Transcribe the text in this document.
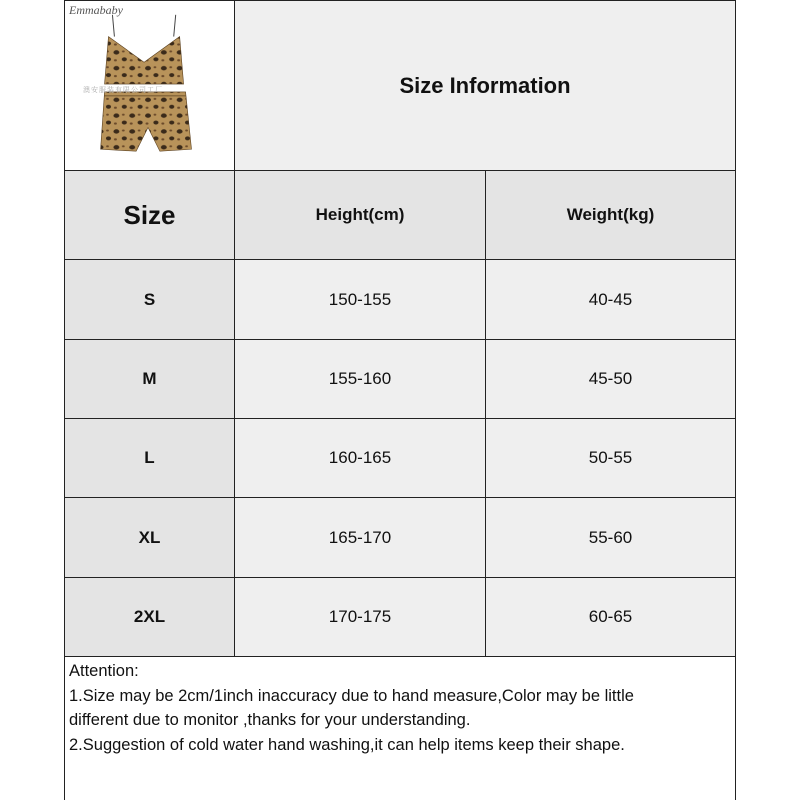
Emmababy
澳安服装有限公司工厂	Size Information
Size	Height(cm)	Weight(kg)
S	150-155	40-45
M	155-160	45-50
L	160-165	50-55
XL	165-170	55-60
2XL	170-175	60-65
Attention:
1.Size may be 2cm/1inch inaccuracy due to hand measure,Color may be little
different due to monitor ,thanks for your understanding.
2.Suggestion of cold water hand washing,it can help items keep their shape.
